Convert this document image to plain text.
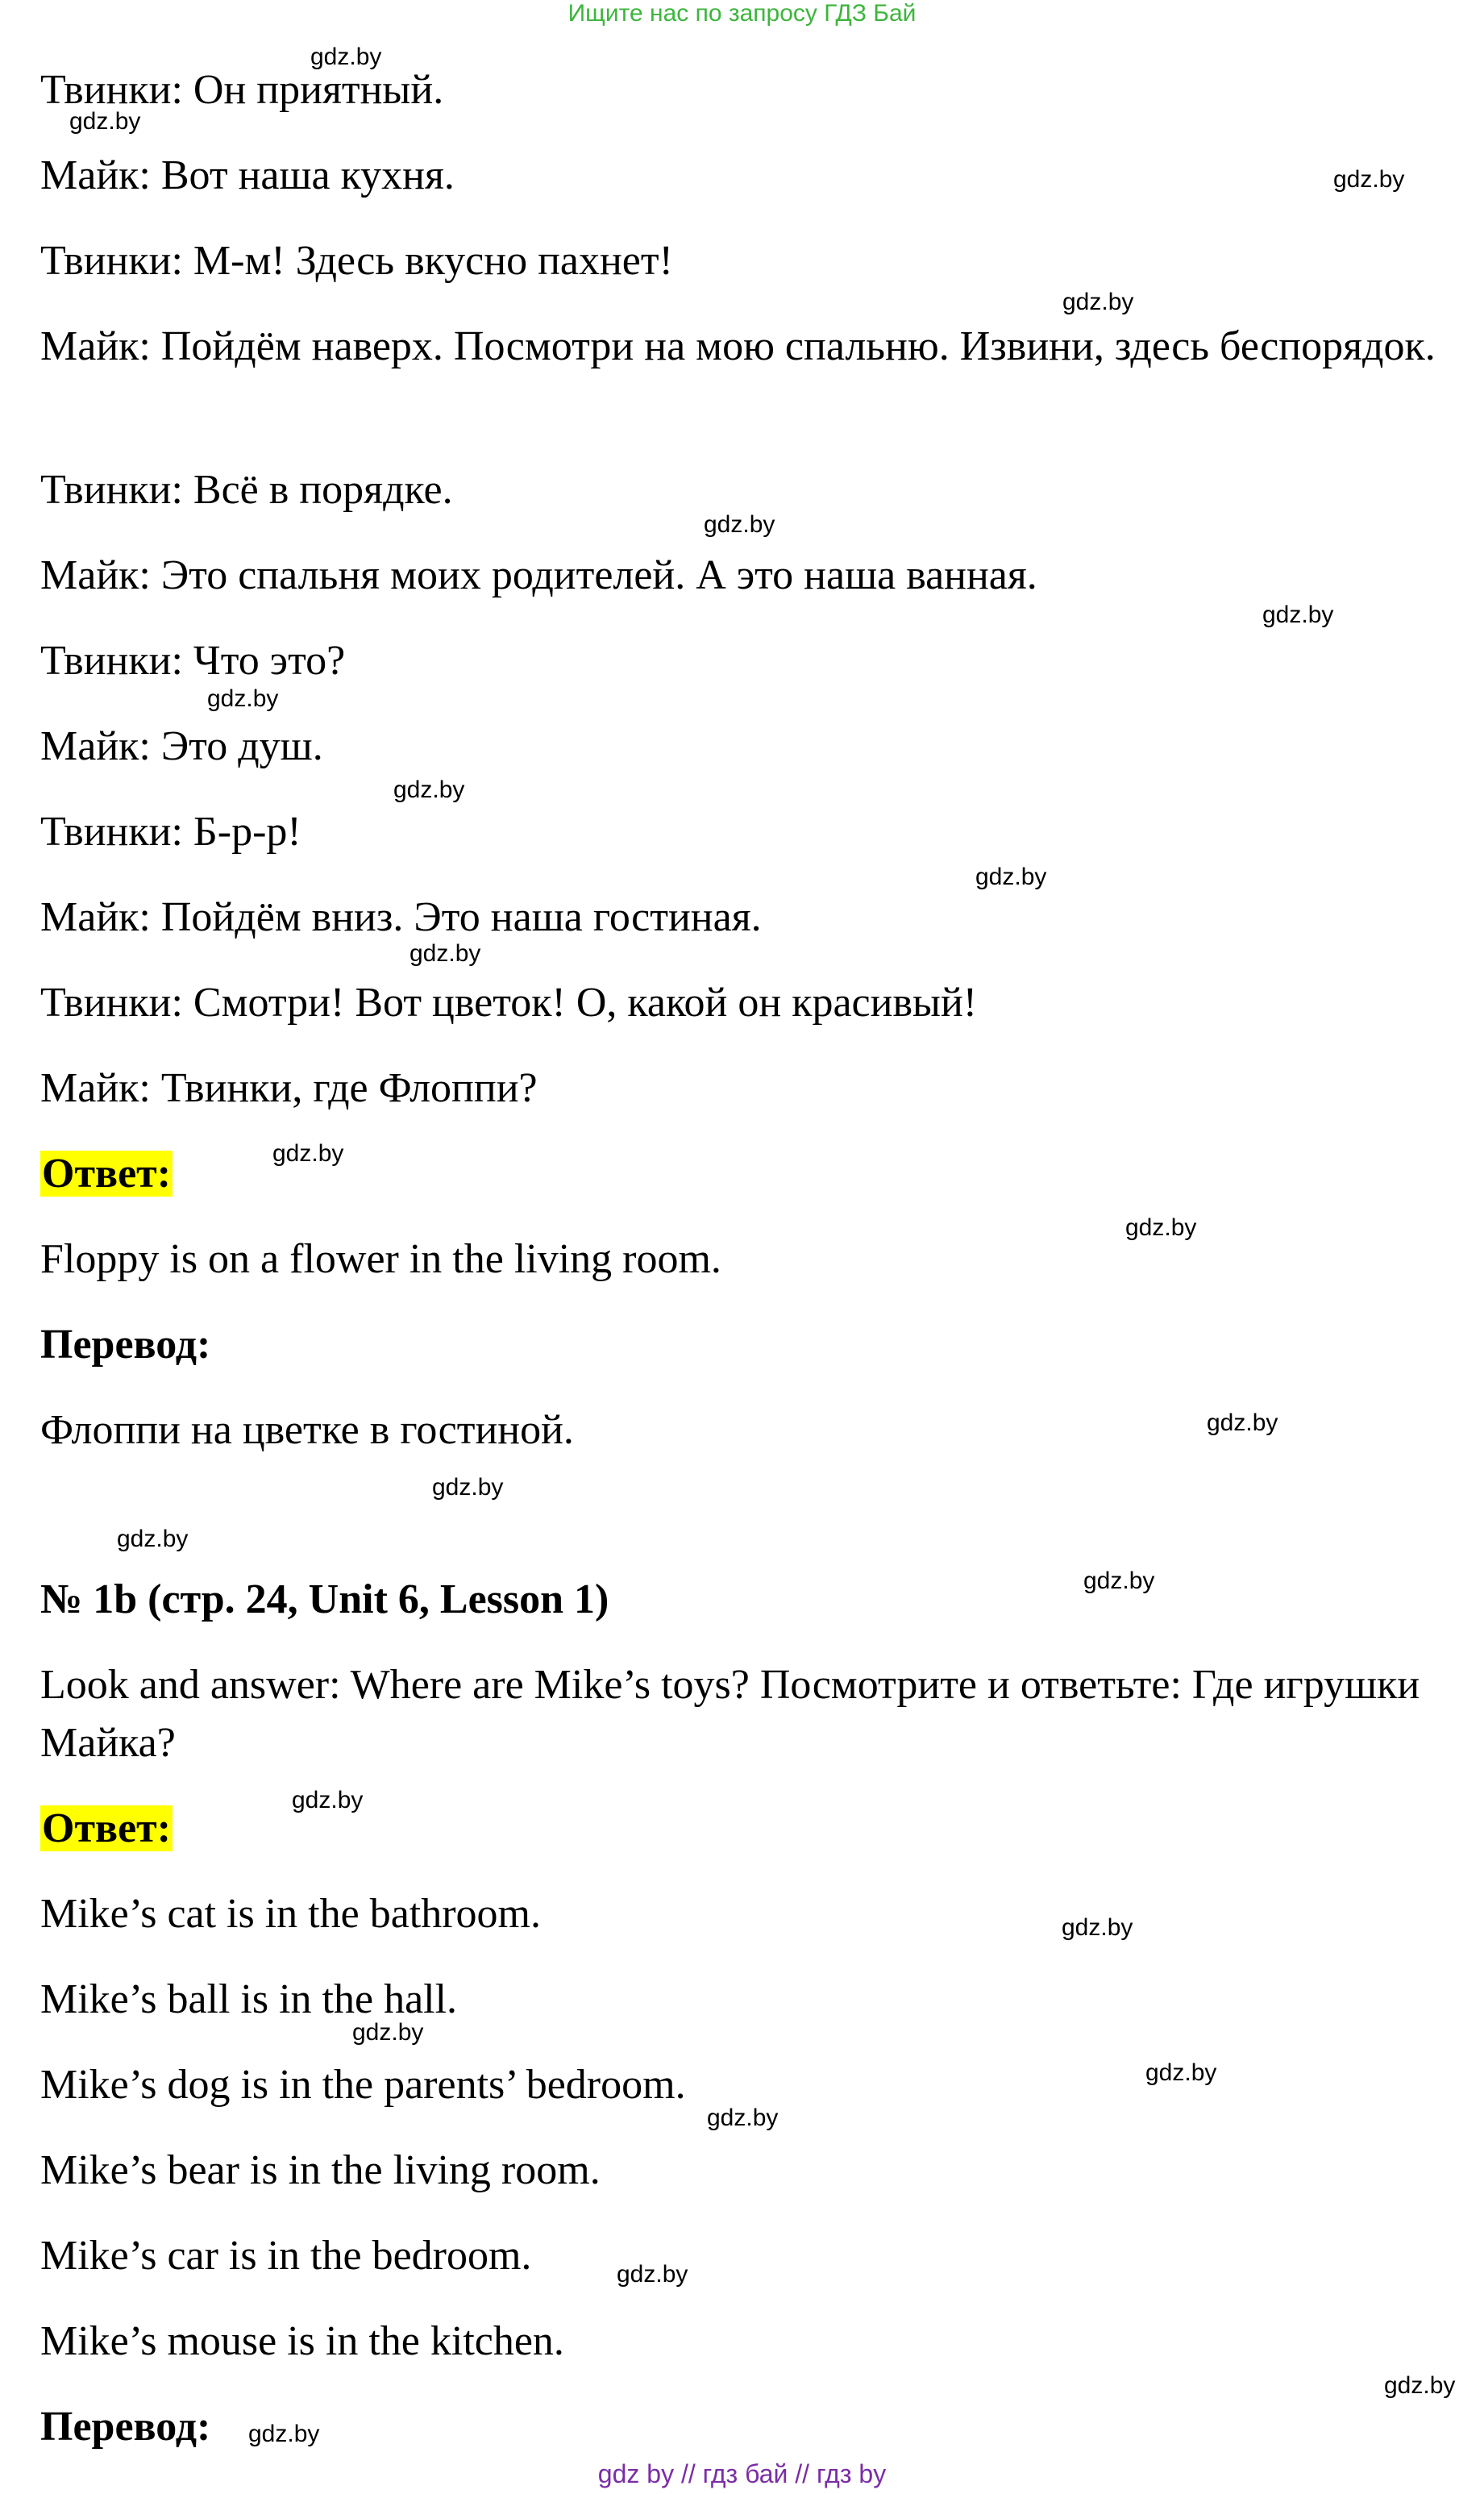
Ищите нас по запросу ГДЗ Бай
Твинки: Он приятный.
Майк: Вот наша кухня.
Твинки: М-м! Здесь вкусно пахнет!
Майк: Пойдём наверх. Посмотри на мою спальню. Извини, здесь беспорядок.
Твинки: Всё в порядке.
Майк: Это спальня моих родителей. А это наша ванная.
Твинки: Что это?
Майк: Это душ.
Твинки: Б-р-р!
Майк: Пойдём вниз. Это наша гостиная.
Твинки: Смотри! Вот цветок! О, какой он красивый!
Майк: Твинки, где Флоппи?
Ответ:
Floppy is on a flower in the living room.
Перевод:
Флоппи на цветке в гостиной.
№ 1b (стр. 24, Unit 6, Lesson 1)
Look and answer: Where are Mike’s toys? Посмотрите и ответьте: Где игрушки Майка?
Ответ:
Mike’s cat is in the bathroom.
Mike’s ball is in the hall.
Mike’s dog is in the parents’ bedroom.
Mike’s bear is in the living room.
Mike’s car is in the bedroom.
Mike’s mouse is in the kitchen.
Перевод:
gdz.by
gdz.by
gdz.by
gdz.by
gdz.by
gdz.by
gdz.by
gdz.by
gdz.by
gdz.by
gdz.by
gdz.by
gdz.by
gdz.by
gdz.by
gdz.by
gdz.by
gdz.by
gdz.by
gdz.by
gdz.by
gdz.by
gdz.by
gdz.by
gdz by // гдз бай // гдз by
